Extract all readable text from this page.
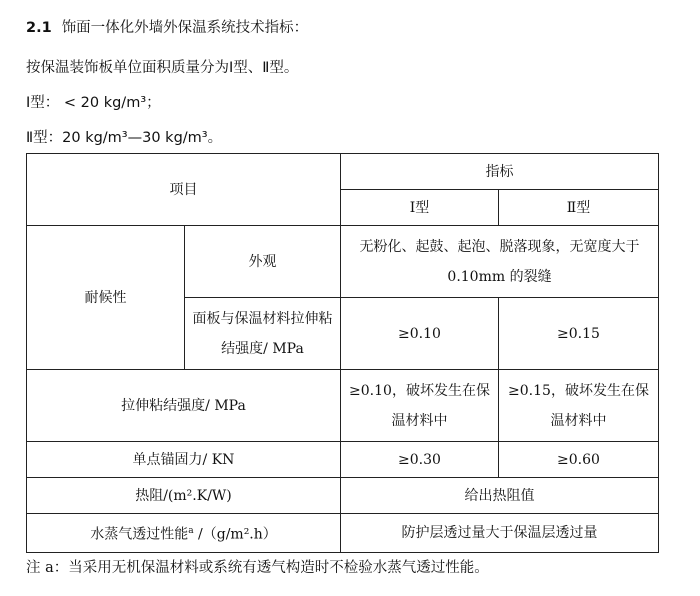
2.1 饰面一体化外墙外保温系统技术指标：
按保温装饰板单位面积质量分为Ⅰ型、Ⅱ型。
Ⅰ型： < 20 kg/m³；
Ⅱ型：20 kg/m³—30 kg/m³。
项目		指标	
		Ⅰ型	Ⅱ型
耐候性	外观	无粉化、起鼓、起泡、脱落现象，无宽度大于 0.10mm 的裂缝	
	面板与保温材料拉伸粘结强度/ MPa	≥0.10	≥0.15
拉伸粘结强度/ MPa		≥0.10，破坏发生在保温材料中	≥0.15，破坏发生在保温材料中
单点锚固力/ KN		≥0.30	≥0.60
热阻/(m².K/W)		给出热阻值	
水蒸气透过性能$^a$ /（g/m².h）		防护层透过量大于保温层透过量	
注 a：当采用无机保温材料或系统有透气构造时不检验水蒸气透过性能。
